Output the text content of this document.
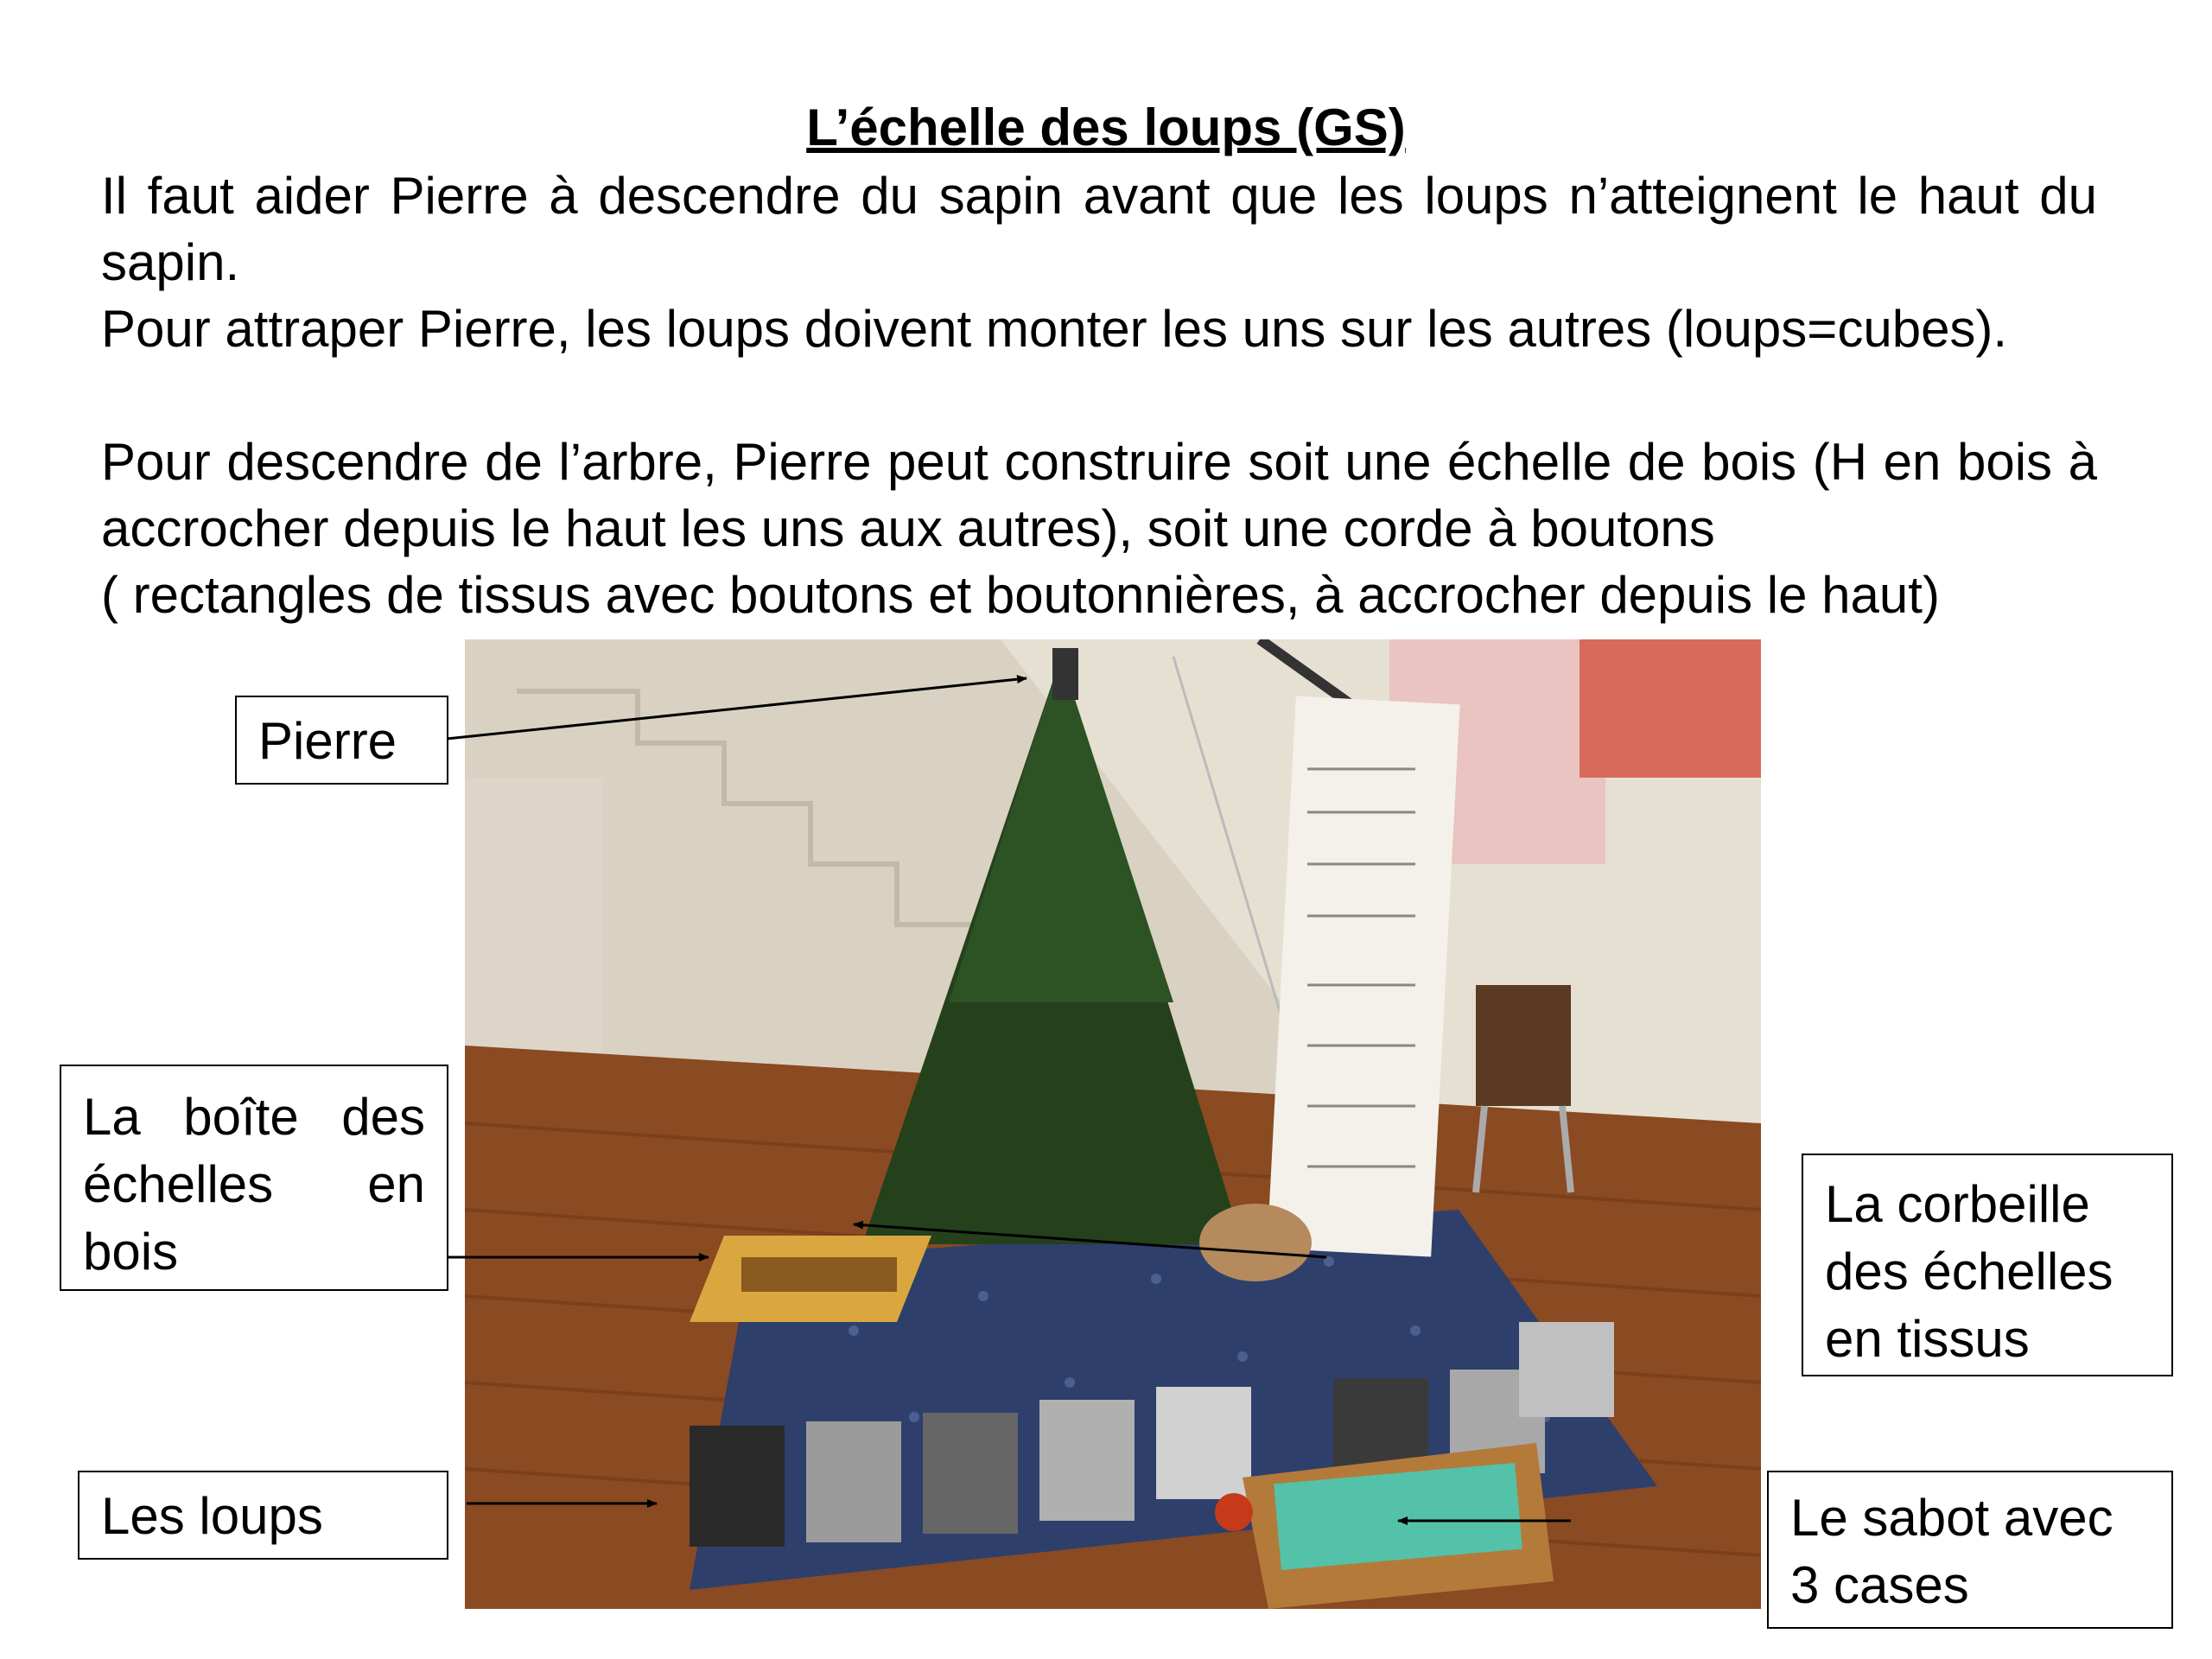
L’échelle des loups (GS)

Il faut aider Pierre à descendre du sapin avant que les loups n’atteignent le haut du sapin.

Pour attraper Pierre, les loups doivent monter les uns sur les autres (loups=cubes).

Pour descendre de l’arbre, Pierre peut construire soit une échelle de bois (H en bois à accrocher depuis le haut les uns aux autres), soit une corde à boutons

( rectangles de tissus avec boutons et boutonnières, à accrocher depuis le haut)

Pierre
La boîte des échelles en bois
Les loups
La corbeille des échelles en tissus
Le sabot avec 3 cases
